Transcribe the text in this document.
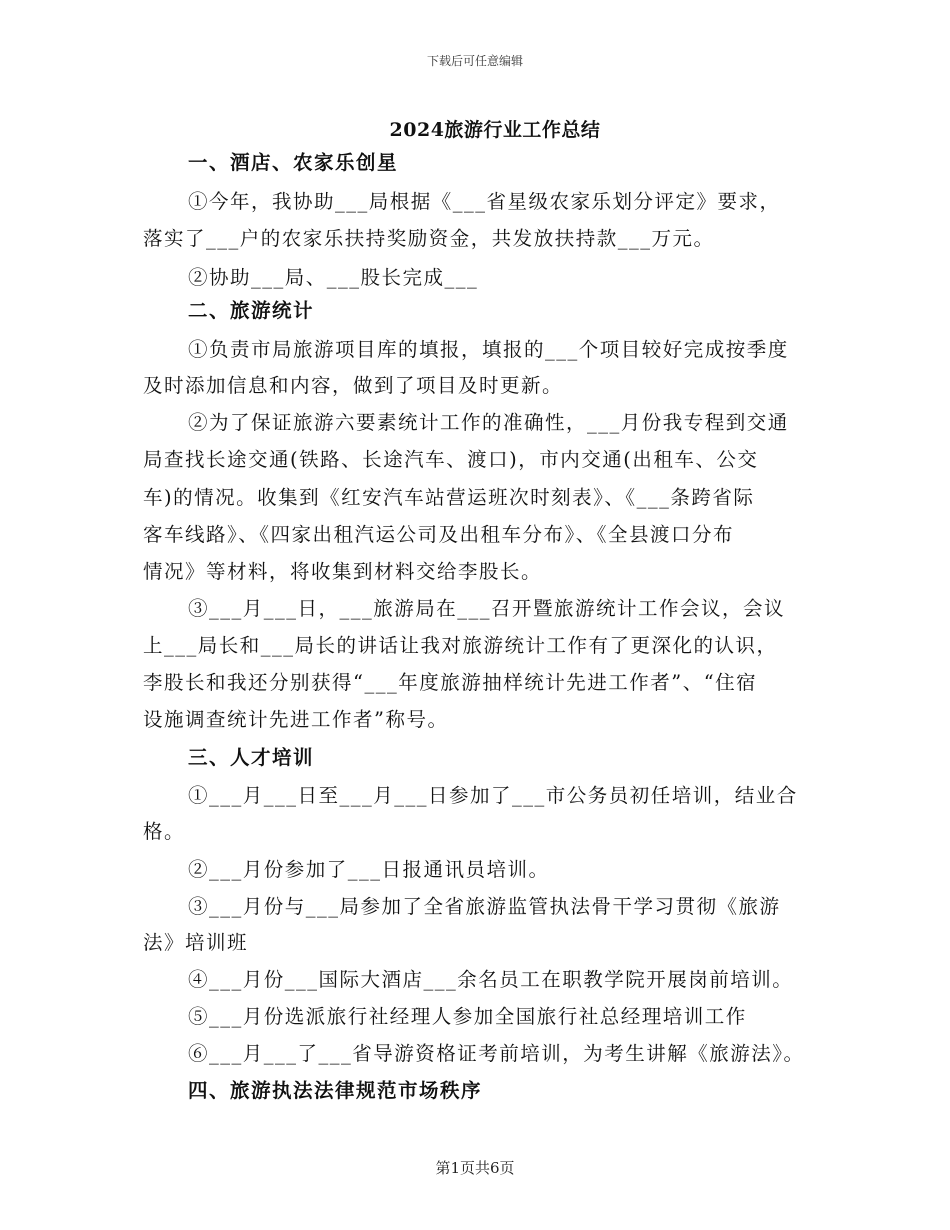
下载后可任意编辑
2024旅游行业工作总结
一、酒店、农家乐创星
①今年，我协助___局根据《___省星级农家乐划分评定》要求，
落实了___户的农家乐扶持奖励资金，共发放扶持款___万元。
②协助___局、___股长完成___
二、旅游统计
①负责市局旅游项目库的填报，填报的___个项目较好完成按季度
及时添加信息和内容，做到了项目及时更新。
②为了保证旅游六要素统计工作的准确性，___月份我专程到交通
局查找长途交通(铁路、长途汽车、渡口)，市内交通(出租车、公交
车)的情况。收集到《红安汽车站营运班次时刻表》、《___条跨省际
客车线路》、《四家出租汽运公司及出租车分布》、《全县渡口分布
情况》等材料，将收集到材料交给李股长。
③___月___日，___旅游局在___召开暨旅游统计工作会议，会议
上___局长和___局长的讲话让我对旅游统计工作有了更深化的认识，
李股长和我还分别获得“___年度旅游抽样统计先进工作者”、“住宿
设施调查统计先进工作者”称号。
三、人才培训
①___月___日至___月___日参加了___市公务员初任培训，结业合
格。
②___月份参加了___日报通讯员培训。
③___月份与___局参加了全省旅游监管执法骨干学习贯彻《旅游
法》培训班
④___月份___国际大酒店___余名员工在职教学院开展岗前培训。
⑤___月份选派旅行社经理人参加全国旅行社总经理培训工作
⑥___月___了___省导游资格证考前培训，为考生讲解《旅游法》。
四、旅游执法法律规范市场秩序
第1页共6页
